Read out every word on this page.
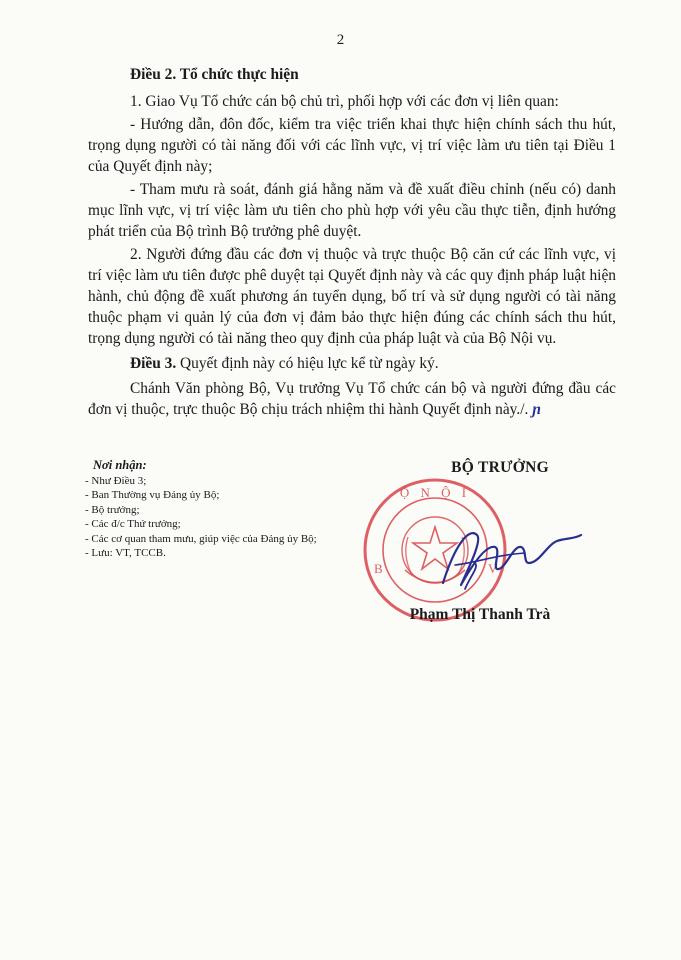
2

Điều 2. Tổ chức thực hiện

1. Giao Vụ Tổ chức cán bộ chủ trì, phối hợp với các đơn vị liên quan:

- Hướng dẫn, đôn đốc, kiểm tra việc triển khai thực hiện chính sách thu hút, trọng dụng người có tài năng đối với các lĩnh vực, vị trí việc làm ưu tiên tại Điều 1 của Quyết định này;

- Tham mưu rà soát, đánh giá hằng năm và đề xuất điều chỉnh (nếu có) danh mục lĩnh vực, vị trí việc làm ưu tiên cho phù hợp với yêu cầu thực tiễn, định hướng phát triển của Bộ trình Bộ trưởng phê duyệt.

2. Người đứng đầu các đơn vị thuộc và trực thuộc Bộ căn cứ các lĩnh vực, vị trí việc làm ưu tiên được phê duyệt tại Quyết định này và các quy định pháp luật hiện hành, chủ động đề xuất phương án tuyển dụng, bố trí và sử dụng người có tài năng thuộc phạm vi quản lý của đơn vị đảm bảo thực hiện đúng các chính sách thu hút, trọng dụng người có tài năng theo quy định của pháp luật và của Bộ Nội vụ.

Điều 3. Quyết định này có hiệu lực kể từ ngày ký.

Chánh Văn phòng Bộ, Vụ trưởng Vụ Tổ chức cán bộ và người đứng đầu các đơn vị thuộc, trực thuộc Bộ chịu trách nhiệm thi hành Quyết định này./. ɲ

Nơi nhận:
- Như Điều 3;
- Ban Thường vụ Đảng ủy Bộ;
- Bộ trưởng;
- Các đ/c Thứ trưởng;
- Các cơ quan tham mưu, giúp việc của Đảng ủy Bộ;
- Lưu: VT, TCCB.
BỘ TRƯỞNG
Ộ N Ộ I
B	V
Phạm Thị Thanh Trà
